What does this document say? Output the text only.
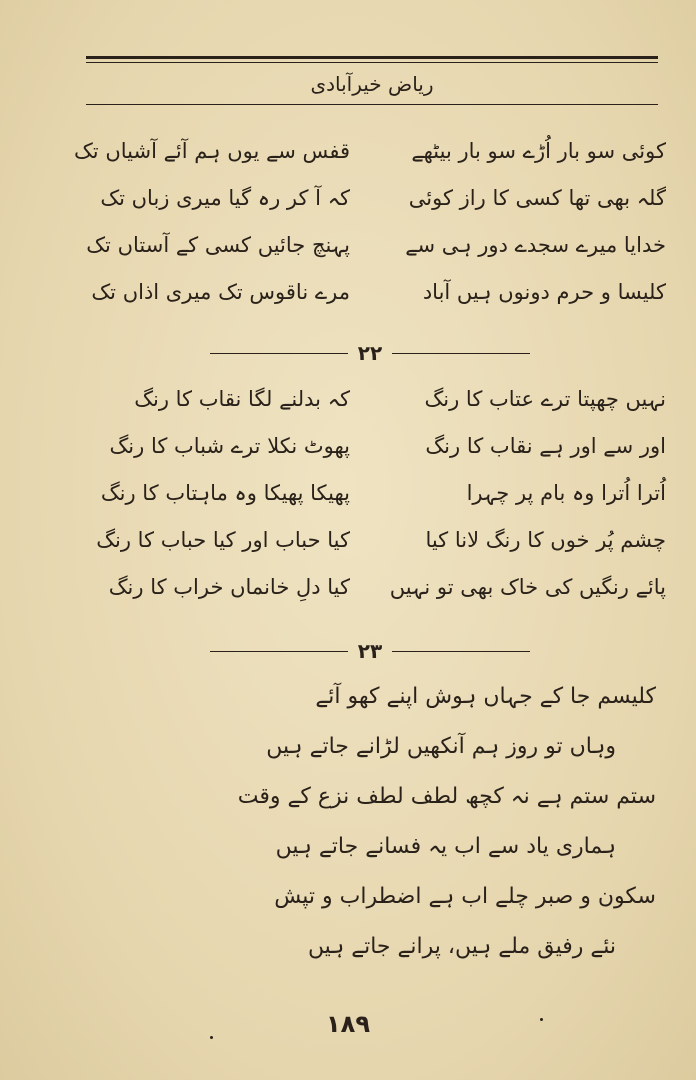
ریاض خیرآبادی
کوئی سو بار اُڑے سو بار بیٹھے
قفس سے یوں ہم آئے آشیاں تک
گلہ بھی تھا کسی کا راز کوئی
کہ آ کر رہ گیا میری زباں تک
خدایا میرے سجدے دور ہی سے
پہنچ جائیں کسی کے آستاں تک
کلیسا و حرم دونوں ہیں آباد
مرے ناقوس تک میری اذاں تک
۲۲
نہیں چھپتا ترے عتاب کا رنگ
کہ بدلنے لگا نقاب کا رنگ
اور سے اور ہے نقاب کا رنگ
پھوٹ نکلا ترے شباب کا رنگ
اُترا اُترا وہ بام پر چہرا
پھیکا پھیکا وہ ماہتاب کا رنگ
چشم پُر خوں کا رنگ لانا کیا
کیا حباب اور کیا حباب کا رنگ
پائے رنگیں کی خاک بھی تو نہیں
کیا دلِ خانماں خراب کا رنگ
۲۳
کلیسم جا کے جہاں ہوش اپنے کھو آئے
وہاں تو روز ہم آنکھیں لڑانے جاتے ہیں
ستم ستم ہے نہ کچھ لطف لطف نزع کے وقت
ہماری یاد سے اب یہ فسانے جاتے ہیں
سکون و صبر چلے اب ہے اضطراب و تپش
نئے رفیق ملے ہیں، پرانے جاتے ہیں
۱۸۹
